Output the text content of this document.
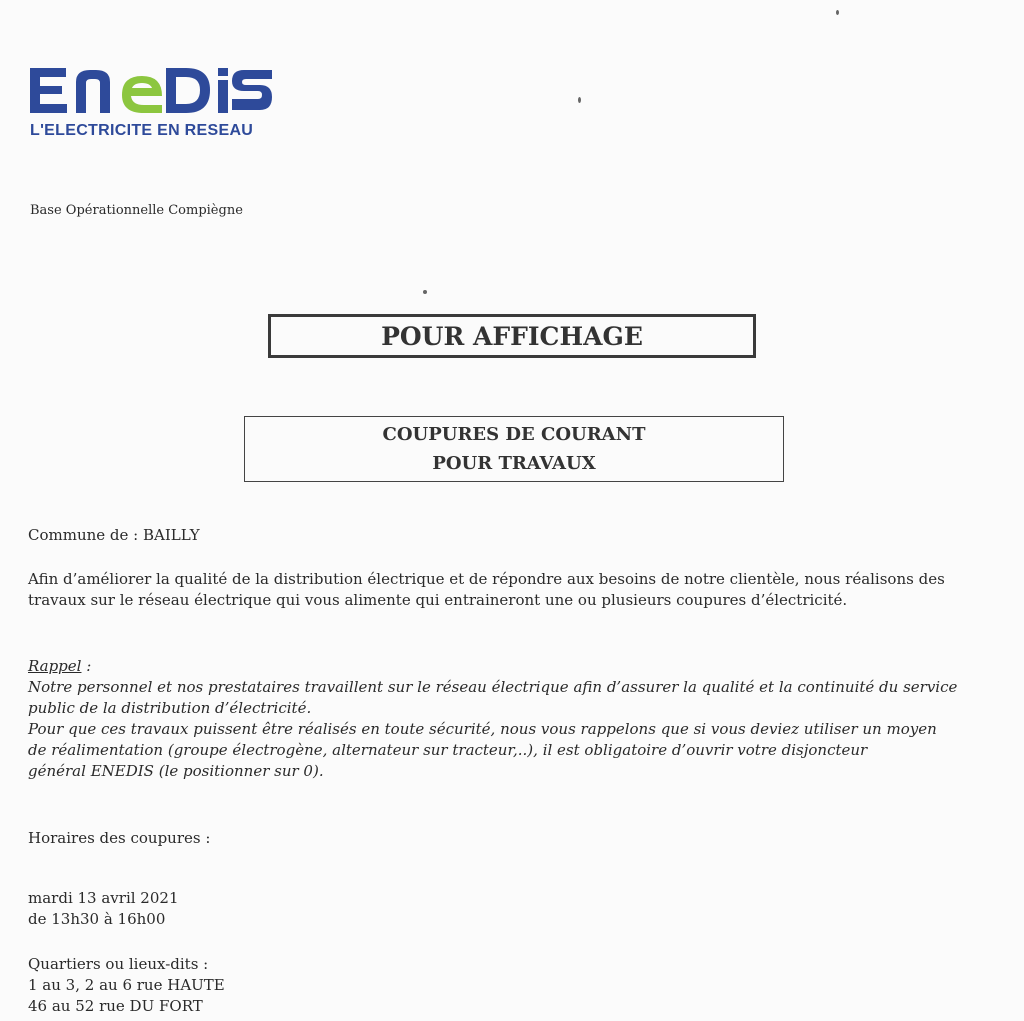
L'ELECTRICITE EN RESEAU
Base Opérationnelle Compiègne
POUR AFFICHAGE
COUPURES DE COURANT
POUR TRAVAUX
Commune de : BAILLY
Afin d’améliorer la qualité de la distribution électrique et de répondre aux besoins de notre clientèle, nous réalisons des
travaux sur le réseau électrique qui vous alimente qui entraineront une ou plusieurs coupures d’électricité.
Rappel :
Notre personnel et nos prestataires travaillent sur le réseau électrique afin d’assurer la qualité et la continuité du service
public de la distribution d’électricité.
Pour que ces travaux puissent être réalisés en toute sécurité, nous vous rappelons que si vous deviez utiliser un moyen
de réalimentation (groupe électrogène, alternateur sur tracteur,..), il est obligatoire d’ouvrir votre disjoncteur
général ENEDIS (le positionner sur 0).
Horaires des coupures :
mardi 13 avril 2021
de 13h30 à 16h00
Quartiers ou lieux-dits :
1 au 3, 2 au 6 rue HAUTE
46 au 52 rue DU FORT
